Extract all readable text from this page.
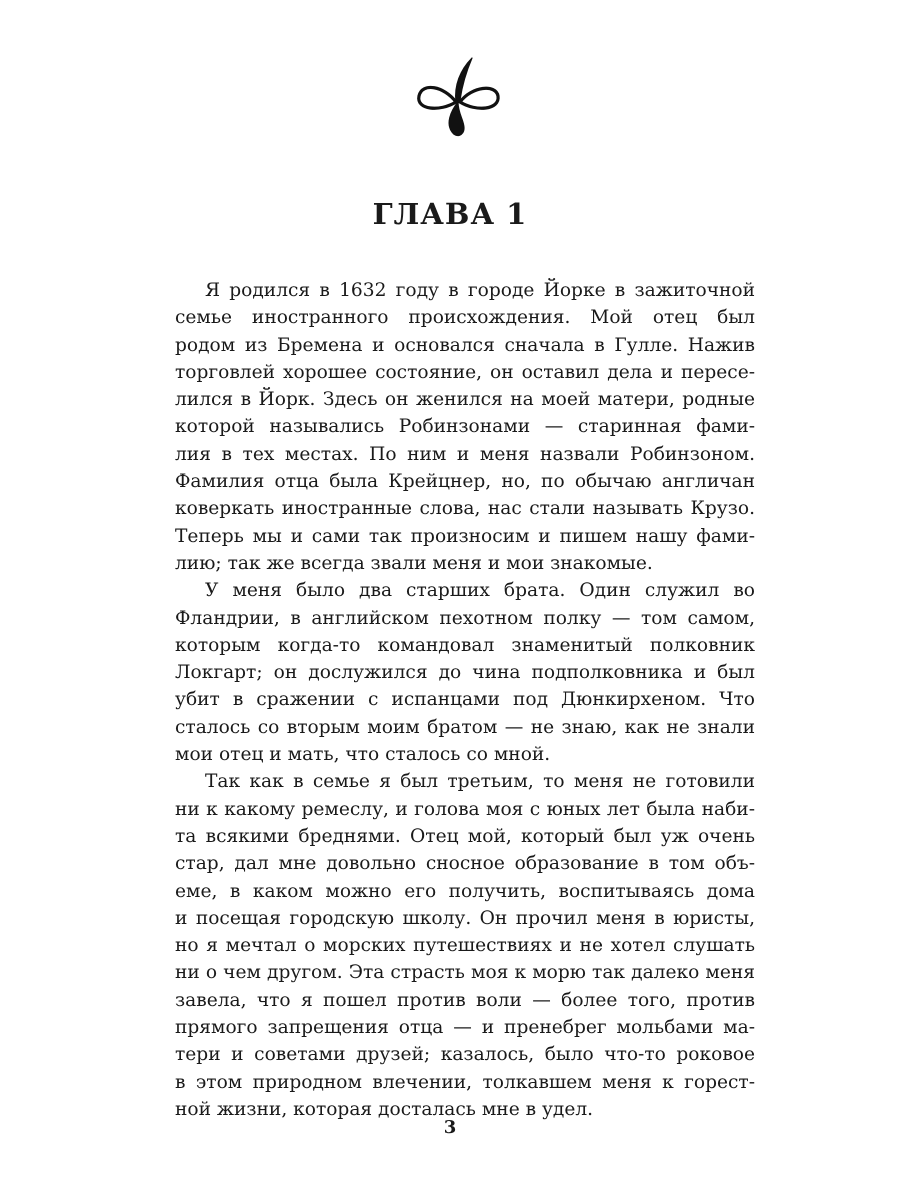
ГЛАВА 1

Я родился в 1632 году в городе Йорке в зажиточной
семье иностранного происхождения. Мой отец был
родом из Бремена и основался сначала в Гулле. Нажив
торговлей хорошее состояние, он оставил дела и пересе-
лился в Йорк. Здесь он женился на моей матери, родные
которой назывались Робинзонами — старинная фами-
лия в тех местах. По ним и меня назвали Робинзоном.
Фамилия отца была Крейцнер, но, по обычаю англичан
коверкать иностранные слова, нас стали называть Крузо.
Теперь мы и сами так произносим и пишем нашу фами-
лию; так же всегда звали меня и мои знакомые.

У меня было два старших брата. Один служил во
Фландрии, в английском пехотном полку — том самом,
которым когда-то командовал знаменитый полковник
Локгарт; он дослужился до чина подполковника и был
убит в сражении с испанцами под Дюнкирхеном. Что
сталось со вторым моим братом — не знаю, как не знали
мои отец и мать, что сталось со мной.

Так как в семье я был третьим, то меня не готовили
ни к какому ремеслу, и голова моя с юных лет была наби-
та всякими бреднями. Отец мой, который был уж очень
стар, дал мне довольно сносное образование в том объ-
еме, в каком можно его получить, воспитываясь дома
и посещая городскую школу. Он прочил меня в юристы,
но я мечтал о морских путешествиях и не хотел слушать
ни о чем другом. Эта страсть моя к морю так далеко меня
завела, что я пошел против воли — более того, против
прямого запрещения отца — и пренебрег мольбами ма-
тери и советами друзей; казалось, было что-то роковое
в этом природном влечении, толкавшем меня к горест-
ной жизни, которая досталась мне в удел.

3
